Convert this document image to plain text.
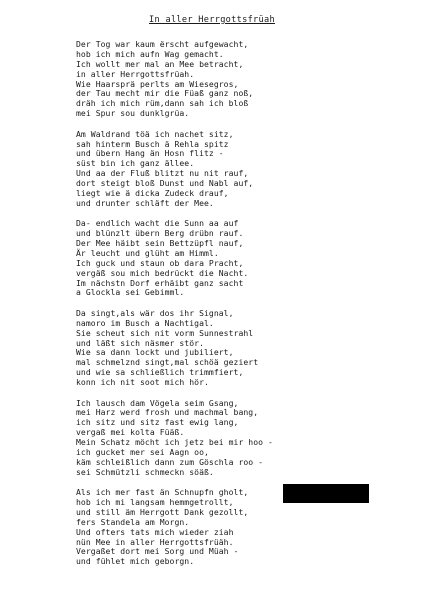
In aller Herrgottsfrüah
Der Tog war kaum ërscht aufgewacht,
hob ich mich aufn Wag gemacht.
Ich wollt mer mal an Mee betracht,
in aller Herrgottsfrüah.
Wie Haarsprä perlts am Wiesegros,
der Tau mecht mir die Füaß ganz noß,
dräh ich mich rüm,dann sah ich bloß
mei Spur sou dunklgrüa.
Am Waldrand töä ich nachet sitz,
sah hinterm Busch ä Rehla spitz
und übern Hang än Hosn flitz -
süst bin ich ganz ällee.
Und aa der Fluß blitzt nu nit rauf,
dort steigt bloß Dunst und Nabl auf,
liegt wie ä dicka Zudeck drauf,
und drunter schläft der Mee.
Da- endlich wacht die Sunn aa auf
und blünzlt übern Berg drübn rauf.
Der Mee häibt sein Bettzüpfl nauf,
Är leucht und glüht am Himml.
Ich guck und staun ob dara Pracht,
vergäß sou mich bedrückt die Nacht.
Im nächstn Dorf erhäibt ganz sacht
a Glockla sei Gebimml.
Da singt,als wär dos ihr Signal,
namoro im Busch a Nachtigal.
Sie scheut sich nit vorm Sunnestrahl
und läßt sich näsmer stör.
Wie sa dann lockt und jubiliert,
mal schmelznd singt,mal schöä geziert
und wie sa schließlich trimmfiert,
konn ich nit soot mich hör.
Ich lausch dam Vögela seim Gsang,
mei Harz werd frosh und machmal bang,
ich sitz und sitz fast ewig lang,
vergaß mei kolta Füäß.
Mein Schatz möcht ich jetz bei mir hoo -
ich gucket mer sei Aagn oo,
käm schleißlich dann zum Göschla roo -
sei Schmützli schmeckn söäß.
Als ich mer fast än Schnupfn gholt,
hob ich mi langsam hemmgetrollt,
und still äm Herrgott Dank gezollt,
fers Standela am Morgn.
Und ofters tats mich wieder ziah
nün Mee in aller Herrgottsfrüäh.
Vergaßet dort mei Sorg und Müah -
und fühlet mich geborgn.
